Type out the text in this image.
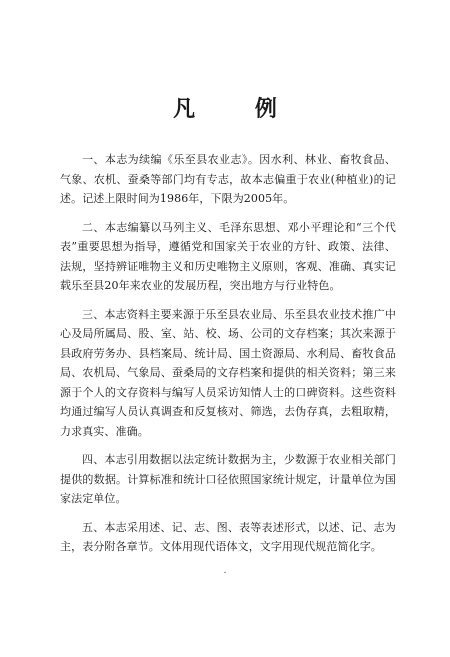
凡 例

一、本志为续编《乐至县农业志》。因水利、林业、畜牧食品、气象、农机、蚕桑等部门均有专志，故本志偏重于农业(种植业)的记述。记述上限时间为1986年，下限为2005年。

二、本志编纂以马列主义、毛泽东思想、邓小平理论和“三个代表”重要思想为指导，遵循党和国家关于农业的方针、政策、法律、法规，坚持辨证唯物主义和历史唯物主义原则，客观、准确、真实记载乐至县20年来农业的发展历程，突出地方与行业特色。

三、本志资料主要来源于乐至县农业局、乐至县农业技术推广中心及局所属局、股、室、站、校、场、公司的文存档案；其次来源于县政府劳务办、县档案局、统计局、国土资源局、水利局、畜牧食品局、农机局、气象局、蚕桑局的文存档案和提供的相关资料；第三来源于个人的文存资料与编写人员采访知情人士的口碑资料。这些资料均通过编写人员认真调查和反复核对、筛选，去伪存真，去粗取精，力求真实、准确。

四、本志引用数据以法定统计数据为主，少数源于农业相关部门提供的数据。计算标准和统计口径依照国家统计规定，计量单位为国家法定单位。

五、本志采用述、记、志、图、表等表述形式，以述、记、志为主，表分附各章节。文体用现代语体文，文字用现代规范简化字。
